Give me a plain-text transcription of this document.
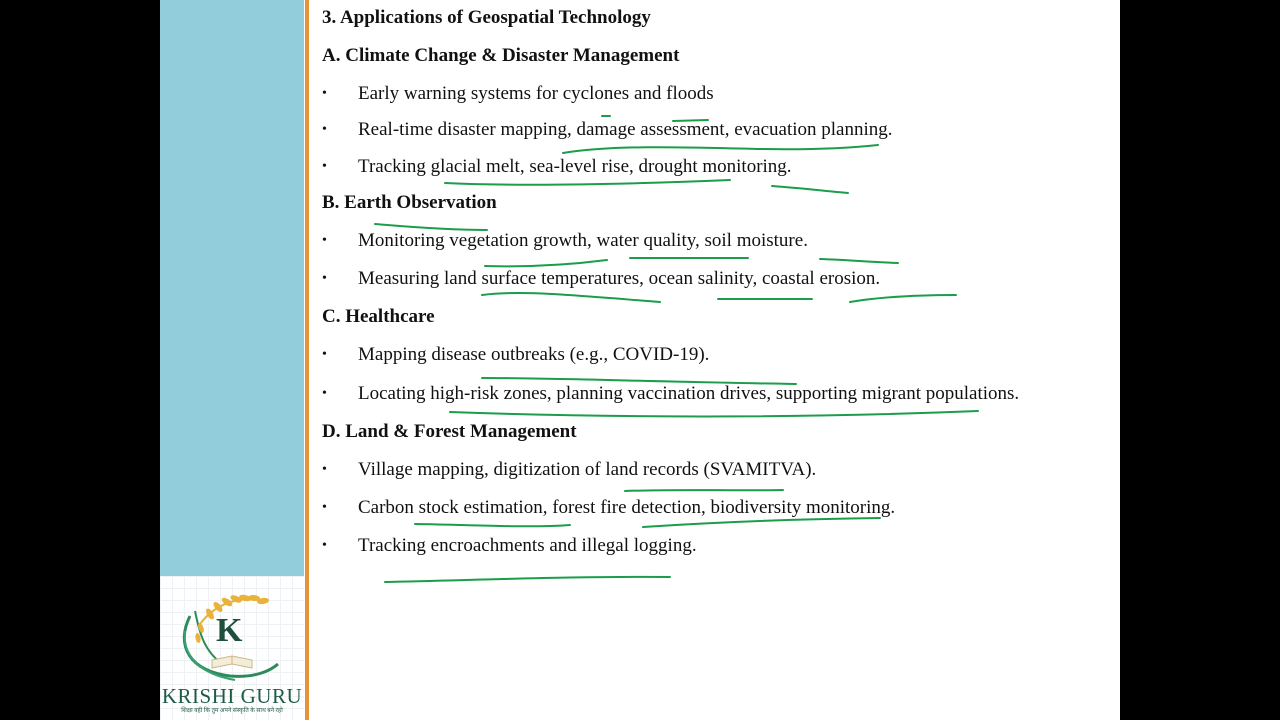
K
KRISHI GURU
शिक्षा वही कि तुम अपने संस्कृति के साथ बने रहो
3. Applications of Geospatial Technology
A. Climate Change & Disaster Management
• Early warning systems for cyclones and floods
• Real-time disaster mapping, damage assessment, evacuation planning.
• Tracking glacial melt, sea-level rise, drought monitoring.
B. Earth Observation
• Monitoring vegetation growth, water quality, soil moisture.
• Measuring land surface temperatures, ocean salinity, coastal erosion.
C. Healthcare
• Mapping disease outbreaks (e.g., COVID-19).
• Locating high-risk zones, planning vaccination drives, supporting migrant populations.
D. Land & Forest Management
• Village mapping, digitization of land records (SVAMITVA).
• Carbon stock estimation, forest fire detection, biodiversity monitoring.
• Tracking encroachments and illegal logging.
